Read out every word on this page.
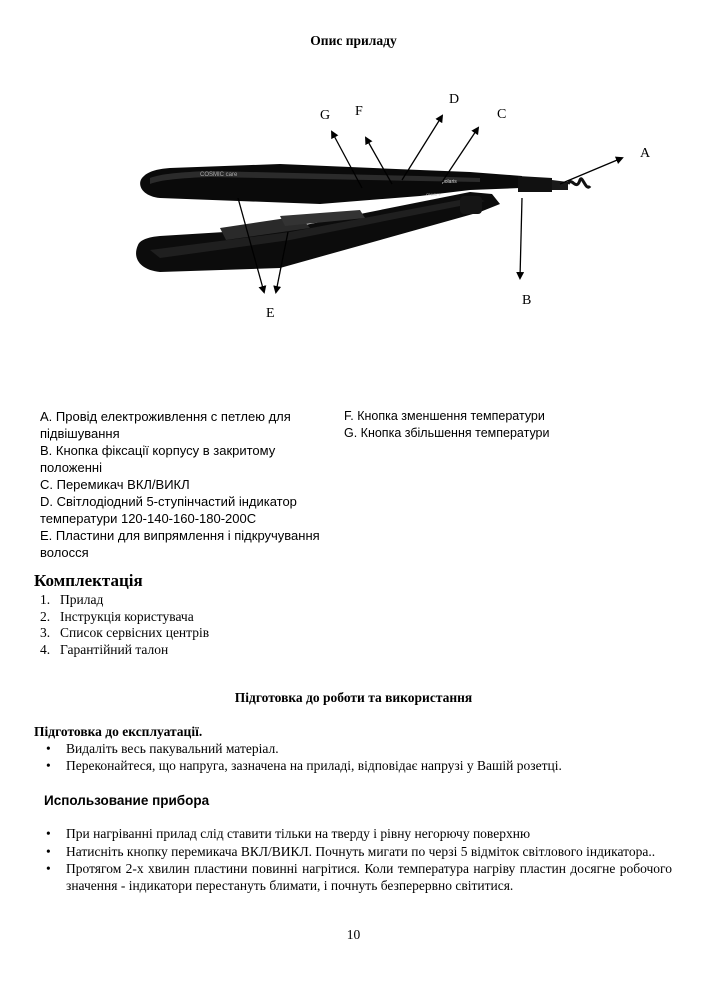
Опис приладу
COSMIC care
polaris
ON/OFF
G F
D
C
A
B
E
A. Провід електроживлення с петлею для підвішування
B. Кнопка фіксації корпусу в закритому положенні
C. Перемикач ВКЛ/ВИКЛ
D. Світлодіодний 5-ступінчастий індикатор температури 120-140-160-180-200С
E. Пластини для випрямлення і підкручування волосся
F. Кнопка зменшення температури
G. Кнопка збільшення температури
Комплектація
1. Прилад
2. Інструкція користувача
3. Список сервісних центрів
4. Гарантійний талон
Підготовка до роботи та використання
Підготовка до експлуатації.
•	Видаліть весь пакувальний матеріал.
•	Переконайтеся, що напруга, зазначена на приладі, відповідає напрузі у Вашій розетці.
Использование прибора
•	При нагріванні прилад слід ставити тільки на тверду і рівну негорючу поверхню
•	Натисніть кнопку перемикача ВКЛ/ВИКЛ. Почнуть мигати по черзі 5 відміток світлового індикатора..
•	Протягом 2-х хвилин пластини повинні нагрітися. Коли температура нагріву пластин досягне робочого значення - індикатори перестануть блимати, і почнуть безперервно світитися.
10
